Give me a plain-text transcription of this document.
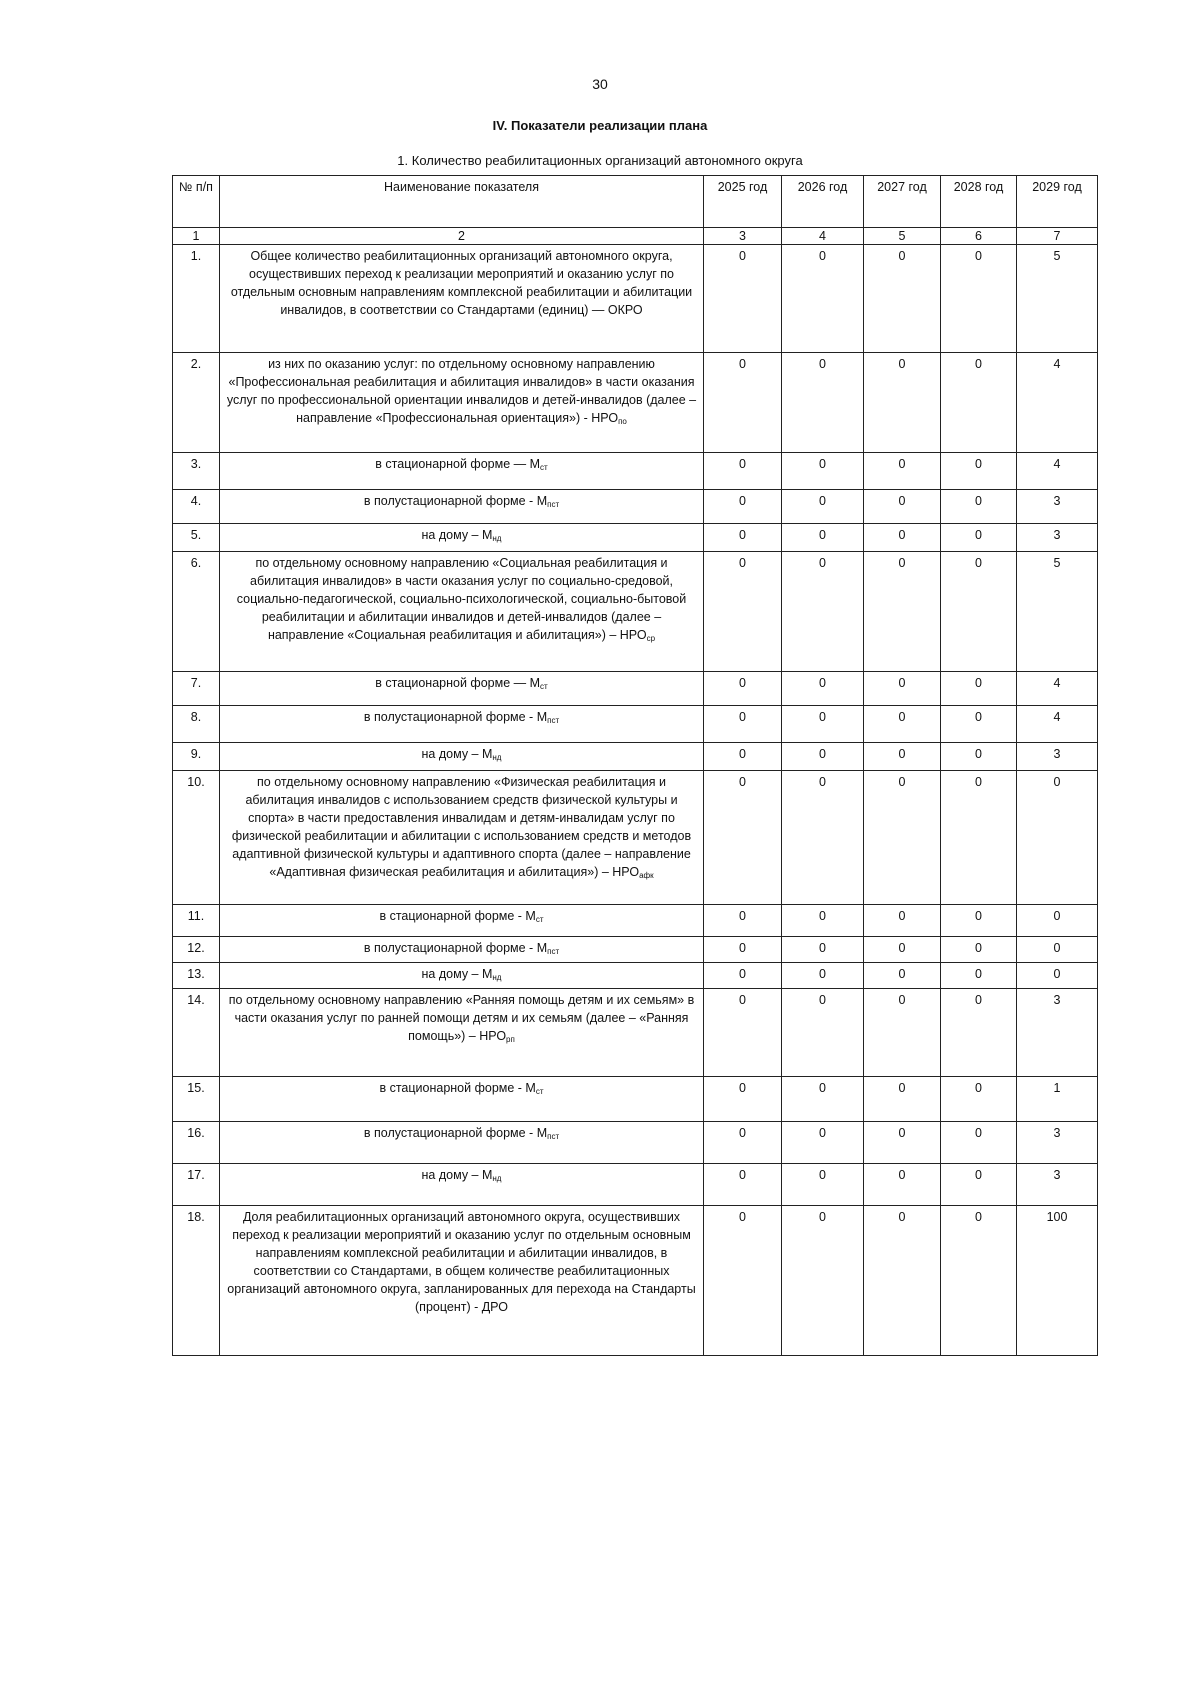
30
IV. Показатели реализации плана
1. Количество реабилитационных организаций автономного округа
№ п/п	Наименование показателя	2025 год	2026 год	2027 год	2028 год	2029 год
1	2	3	4	5	6	7
1.	Общее количество реабилитационных организаций автономного округа, осуществивших переход к реализации мероприятий и оказанию услуг по отдельным основным направлениям комплексной реабилитации и абилитации инвалидов, в соответствии со Стандартами (единиц) — ОКРО	0	0	0	0	5
2.	из них по оказанию услуг: по отдельному основному направлению «Профессиональная реабилитация и абилитация инвалидов» в части оказания услуг по профессиональной ориентации инвалидов и детей-инвалидов (далее – направление «Профессиональная ориентация») - $НРО_{по}$	0	0	0	0	4
3.	в стационарной форме — $М_{ст}$	0	0	0	0	4
4.	в полустационарной форме - $М_{пст}$	0	0	0	0	3
5.	на дому – $М_{нд}$	0	0	0	0	3
6.	по отдельному основному направлению «Социальная реабилитация и абилитация инвалидов» в части оказания услуг по социально-средовой, социально-педагогической, социально-психологической, социально-бытовой реабилитации и абилитации инвалидов и детей-инвалидов (далее – направление «Социальная реабилитация и абилитация») – $НРО_{ср}$	0	0	0	0	5
7.	в стационарной форме — $М_{ст}$	0	0	0	0	4
8.	в полустационарной форме - $М_{пст}$	0	0	0	0	4
9.	на дому – $М_{нд}$	0	0	0	0	3
10.	по отдельному основному направлению «Физическая реабилитация и абилитация инвалидов с использованием средств физической культуры и спорта» в части предоставления инвалидам и детям-инвалидам услуг по физической реабилитации и абилитации с использованием средств и методов адаптивной физической культуры и адаптивного спорта (далее – направление «Адаптивная физическая реабилитация и абилитация») – $НРО_{афк}$	0	0	0	0	0
11.	в стационарной форме - $М_{ст}$	0	0	0	0	0
12.	в полустационарной форме - $М_{пст}$	0	0	0	0	0
13.	на дому – $М_{нд}$	0	0	0	0	0
14.	по отдельному основному направлению «Ранняя помощь детям и их семьям» в части оказания услуг по ранней помощи детям и их семьям (далее – «Ранняя помощь») – $НРО_{рп}$	0	0	0	0	3
15.	в стационарной форме - $М_{ст}$	0	0	0	0	1
16.	в полустационарной форме - $М_{пст}$	0	0	0	0	3
17.	на дому – $М_{нд}$	0	0	0	0	3
18.	Доля реабилитационных организаций автономного округа, осуществивших переход к реализации мероприятий и оказанию услуг по отдельным основным направлениям комплексной реабилитации и абилитации инвалидов, в соответствии со Стандартами, в общем количестве реабилитационных организаций автономного округа, запланированных для перехода на Стандарты (процент) - ДРО	0	0	0	0	100
